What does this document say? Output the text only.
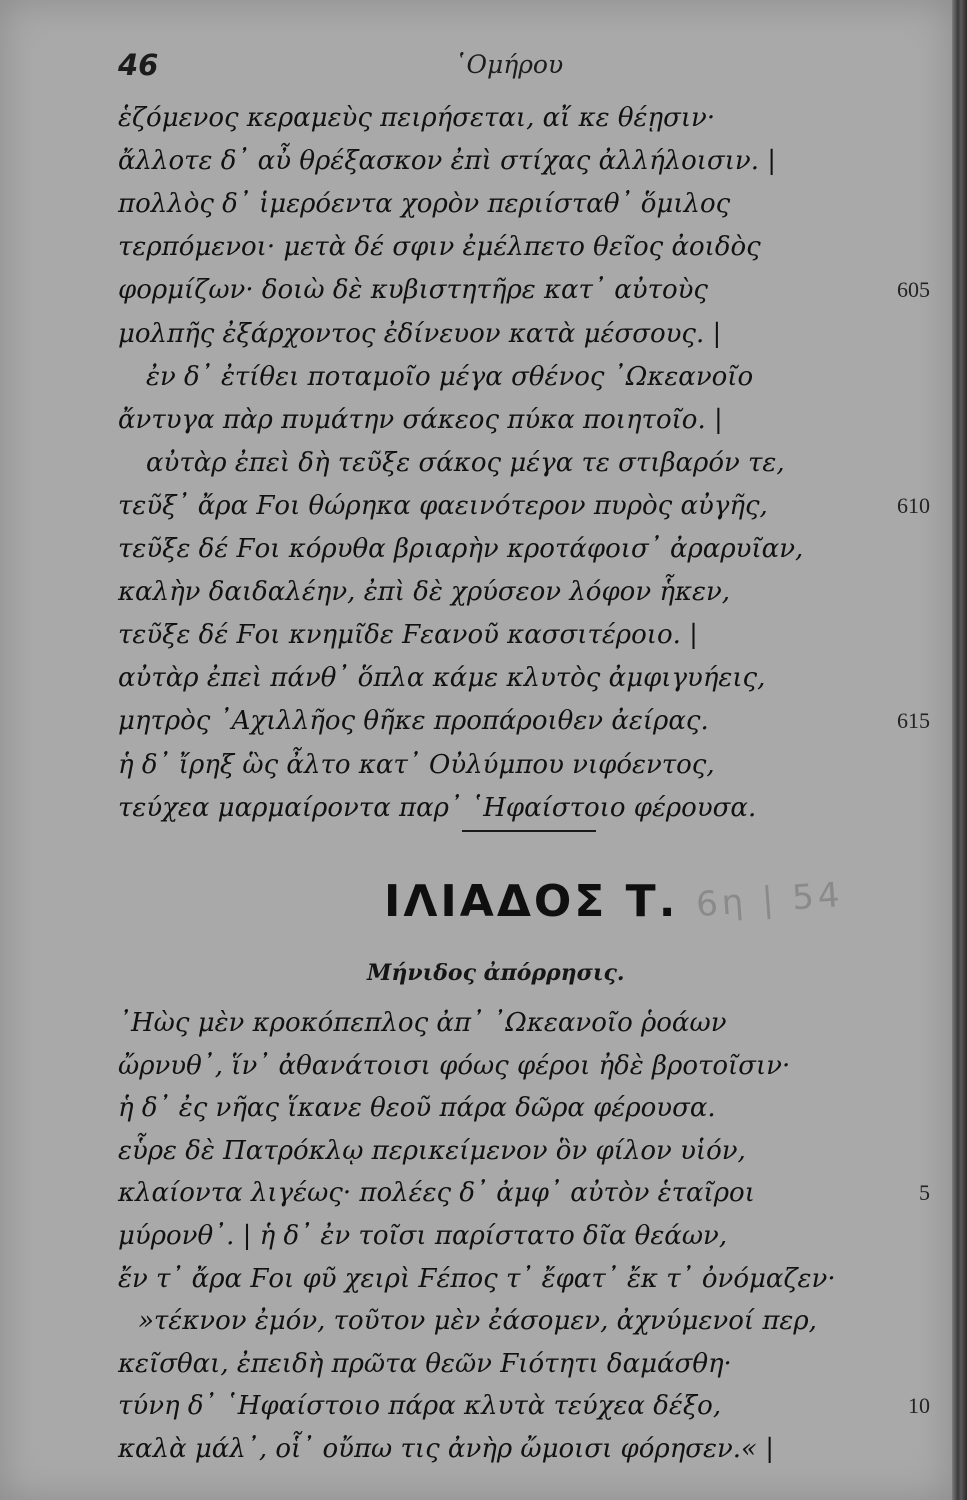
46	῾Ομήρου
ἑζόμενος κεραμεὺς πειρήσεται, αἴ κε θέῃσιν·
ἄλλοτε δ᾽ αὖ θρέξασκον ἐπὶ στίχας ἀλλήλοισιν. |
πολλὸς δ᾽ ἱμερόεντα χορὸν περιίσταθ᾽ ὅμιλος
τερπόμενοι· μετὰ δέ σφιν ἐμέλπετο θεῖος ἀοιδὸς
φορμίζων· δοιὼ δὲ κυβιστητῆρε κατ᾽ αὐτοὺς	605
μολπῆς ἐξάρχοντος ἐδίνευον κατὰ μέσσους. |
ἐν δ᾽ ἐτίθει ποταμοῖο μέγα σθένος ᾿Ωκεανοῖο
ἄντυγα πὰρ πυμάτην σάκεος πύκα ποιητοῖο. |
αὐτὰρ ἐπεὶ δὴ τεῦξε σάκος μέγα τε στιβαρόν τε,
τεῦξ᾽ ἄρα Ϝοι θώρηκα φαεινότερον πυρὸς αὐγῆς,	610
τεῦξε δέ Ϝοι κόρυθα βριαρὴν κροτάφοισ᾽ ἀραρυῖαν,
καλὴν δαιδαλέην, ἐπὶ δὲ χρύσεον λόφον ἧκεν,
τεῦξε δέ Ϝοι κνημῖδε Ϝεανοῦ κασσιτέροιο. |
αὐτὰρ ἐπεὶ πάνθ᾽ ὅπλα κάμε κλυτὸς ἀμφιγυήεις,
μητρὸς ᾿Αχιλλῆος θῆκε προπάροιθεν ἀείρας.	615
ἡ δ᾽ ἴρηξ ὣς ἆλτο κατ᾽ Οὐλύμπου νιφόεντος,
τεύχεα μαρμαίροντα παρ᾽ ῾Ηφαίστοιο φέρουσα.
ΙΛΙΑΔΟΣ Τ. 6η | 54
Μήνιδος ἀπόρρησις.
᾿Ηὼς μὲν κροκόπεπλος ἀπ᾽ ᾿Ωκεανοῖο ῥοάων
ὤρνυθ᾽, ἵν᾽ ἀθανάτοισι φόως φέροι ἠδὲ βροτοῖσιν·
ἡ δ᾽ ἐς νῆας ἵκανε θεοῦ πάρα δῶρα φέρουσα.
εὗρε δὲ Πατρόκλῳ περικείμενον ὃν φίλον υἱόν,
κλαίοντα λιγέως· πολέες δ᾽ ἀμφ᾽ αὐτὸν ἑταῖροι	5
μύρονθ᾽. | ἡ δ᾽ ἐν τοῖσι παρίστατο δῖα θεάων,
ἔν τ᾽ ἄρα Ϝοι φῦ χειρὶ Ϝέπος τ᾽ ἔφατ᾽ ἔκ τ᾽ ὀνόμαζεν·
»τέκνον ἐμόν, τοῦτον μὲν ἐάσομεν, ἀχνύμενοί περ,
κεῖσθαι, ἐπειδὴ πρῶτα θεῶν Ϝιότητι δαμάσθη·
τύνη δ᾽ ῾Ηφαίστοιο πάρα κλυτὰ τεύχεα δέξο,	10
καλὰ μάλ᾽, οἷ᾽ οὔπω τις ἀνὴρ ὤμοισι φόρησεν.« |
